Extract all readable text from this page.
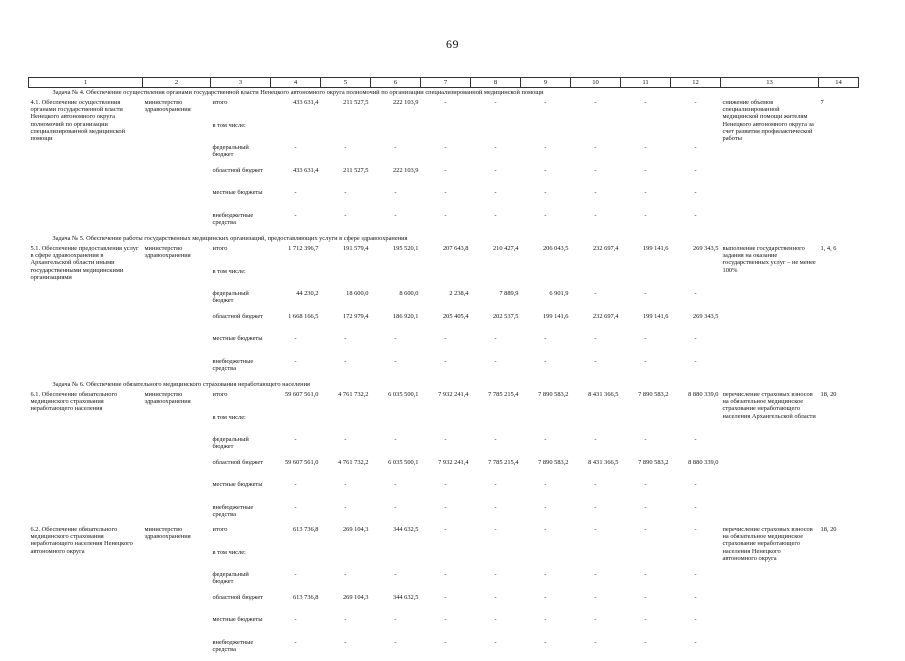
69
1	2	3	4	5	6	7	8	9	10	11	12	13	14
Задача № 4. Обеспечение осуществления органами государственной власти Ненецкого автономного округа полномочий по организации специализированной медицинской помощи													
4.1. Обеспечение осуществления органами государственной власти Ненецкого автономного округа полномочий по организации специализированной медицинской помощи	министерство здравоохранения	итого	433 631,4	211 527,5	222 103,9	-	-	-	-	-	-	снижение объемов специализированной медицинской помощи жителям Ненецкого автономного округа за счет развития профилактической работы	7
		в том числе:											
		федеральный бюджет	-	-	-	-	-	-	-	-	-		
		областной бюджет	433 631,4	211 527,5	222 103,9	-	-	-	-	-	-		
		местные бюджеты	-	-	-	-	-	-	-	-	-		
		внебюджетные средства	-	-	-	-	-	-	-	-	-		
Задача № 5. Обеспечение работы государственных медицинских организаций, предоставляющих услуги в сфере здравоохранения													
5.1. Обеспечение предоставления услуг в сфере здравоохранения в Архангельской области иными государственными медицинскими организациями	министерство здравоохранения	итого	1 712 396,7	191 579,4	195 520,1	207 643,8	210 427,4	206 043,5	232 697,4	199 141,6	269 343,5	выполнение государственного задания на оказание государственных услуг – не менее 100%	1, 4, 6
		в том числе:											
		федеральный бюджет	44 230,2	18 600,0	8 600,0	2 238,4	7 889,9	6 901,9	-	-	-		
		областной бюджет	1 668 166,5	172 979,4	186 920,1	205 405,4	202 537,5	199 141,6	232 697,4	199 141,6	269 343,5		
		местные бюджеты	-	-	-	-	-	-	-	-	-		
		внебюджетные средства	-	-	-	-	-	-	-	-	-		
Задача № 6. Обеспечение обязательного медицинского страхования неработающего населения													
6.1. Обеспечение обязательного медицинского страхования неработающего населения	министерство здравоохранения	итого	59 607 561,0	4 761 732,2	6 035 500,1	7 932 241,4	7 785 215,4	7 890 583,2	8 431 366,5	7 890 583,2	8 880 339,0	перечисление страховых взносов на обязательное медицинское страхование неработающего населения Архангельской области	18, 20
		в том числе:											
		федеральный бюджет	-	-	-	-	-	-	-	-	-		
		областной бюджет	59 607 561,0	4 761 732,2	6 035 500,1	7 932 241,4	7 785 215,4	7 890 583,2	8 431 366,5	7 890 583,2	8 880 339,0		
		местные бюджеты	-	-	-	-	-	-	-	-	-		
		внебюджетные средства	-	-	-	-	-	-	-	-	-		
6.2. Обеспечение обязательного медицинского страхования неработающего населения Ненецкого автономного округа	министерство здравоохранения	итого	613 736,8	269 104,3	344 632,5	-	-	-	-	-	-	перечисление страховых взносов на обязательное медицинское страхование неработающего населения Ненецкого автономного округа	18, 20
		в том числе:											
		федеральный бюджет	-	-	-	-	-	-	-	-	-		
		областной бюджет	613 736,8	269 104,3	344 632,5	-	-	-	-	-	-		
		местные бюджеты	-	-	-	-	-	-	-	-	-		
		внебюджетные средства	-	-	-	-	-	-	-	-	-		
